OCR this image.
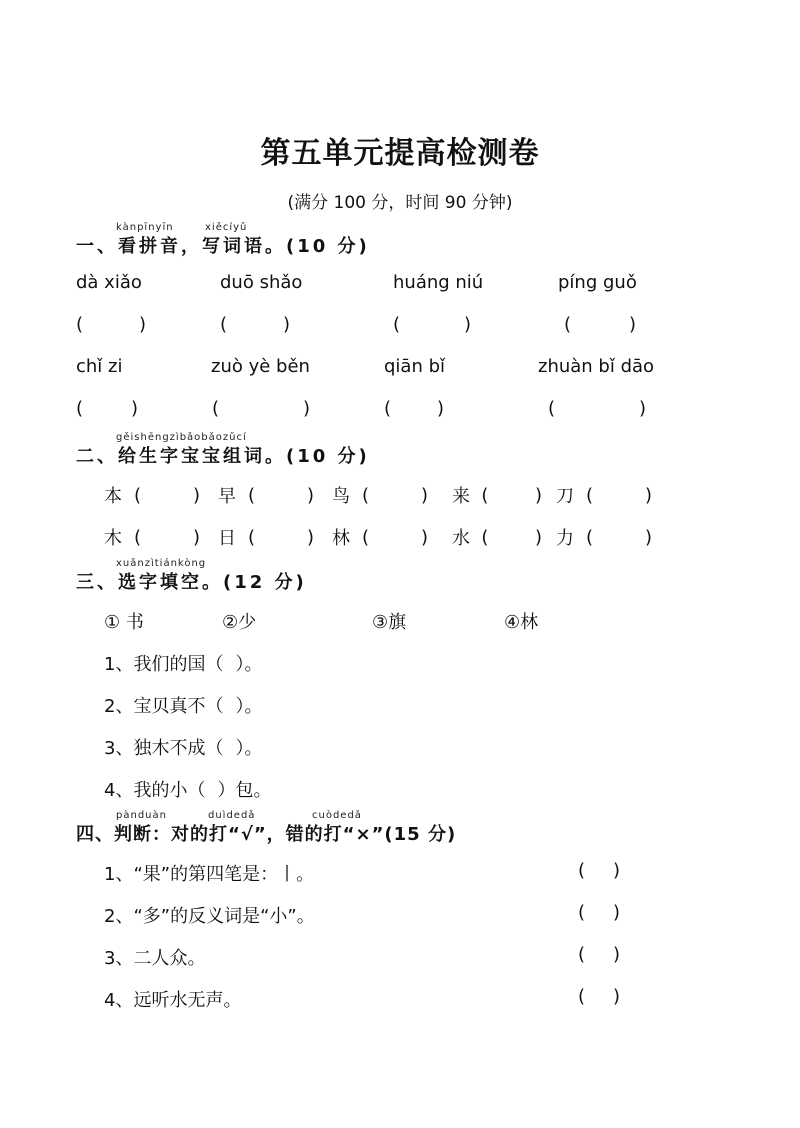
第五单元提高检测卷
(满分 100 分，时间 90 分钟)
kànpīnyīn	xiěcíyǔ
一、看拼音，写词语。(10 分)
dà xiǎo	duō shǎo	huáng niú	píng guǒ
(	)	(	)	(	)	(	)
chǐ zi	zuò yè běn	qiān bǐ	zhuàn bǐ dāo
(	)	(	)	(	)	(	)
gěishēngzìbǎobǎozǔcí
二、给生字宝宝组词。(10 分)
本 (	) 早 (	) 鸟 (	) 来 (	) 刀 (	)
木 (	) 日 (	) 林 (	) 水 (	) 力 (	)
xuǎnzìtiánkòng
三、选字填空。(12 分)
① 书	②少	③旗	④林
1、我们的国（ ）。
2、宝贝真不（ ）。
3、独木不成（ ）。
4、我的小（ ）包。
pànduàn	duìdedǎ	cuòdedǎ
四、判断：对的打“√”，错的打“×”(15 分)
1、“果”的第四笔是：丨。	( )
2、“多”的反义词是“小”。	( )
3、二人众。	( )
4、远听水无声。	( )
